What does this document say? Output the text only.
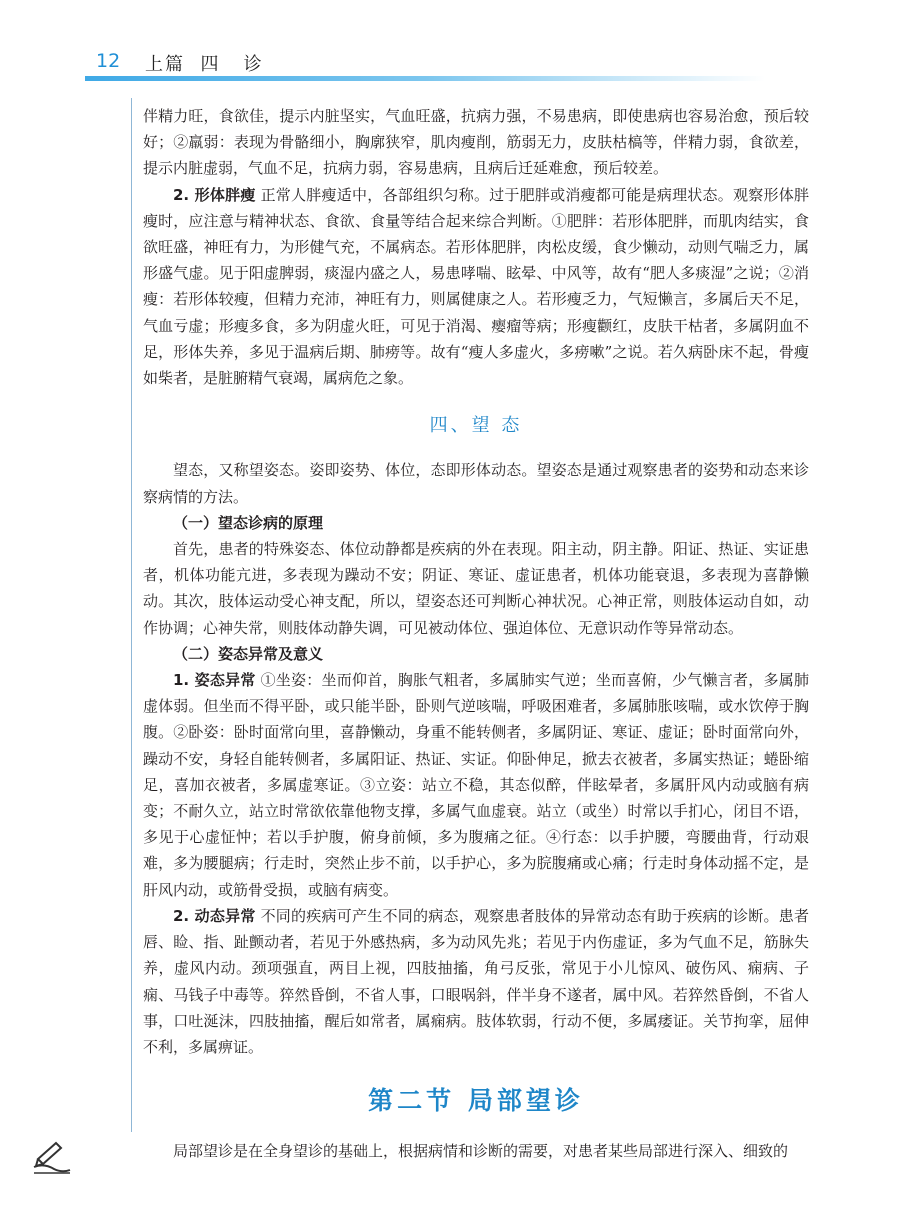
12 上篇  四   诊

伴精力旺，食欲佳，提示内脏坚实，气血旺盛，抗病力强，不易患病，即使患病也容易治愈，预后较好；②羸弱：表现为骨骼细小，胸廓狭窄，肌肉瘦削，筋弱无力，皮肤枯槁等，伴精力弱，食欲差，提示内脏虚弱，气血不足，抗病力弱，容易患病，且病后迁延难愈，预后较差。

2. 形体胖瘦 正常人胖瘦适中，各部组织匀称。过于肥胖或消瘦都可能是病理状态。观察形体胖瘦时，应注意与精神状态、食欲、食量等结合起来综合判断。①肥胖：若形体肥胖，而肌肉结实，食欲旺盛，神旺有力，为形健气充，不属病态。若形体肥胖，肉松皮缓，食少懒动，动则气喘乏力，属形盛气虚。见于阳虚脾弱，痰湿内盛之人，易患哮喘、眩晕、中风等，故有“肥人多痰湿”之说；②消瘦：若形体较瘦，但精力充沛，神旺有力，则属健康之人。若形瘦乏力，气短懒言，多属后天不足，气血亏虚；形瘦多食，多为阴虚火旺，可见于消渴、瘿瘤等病；形瘦颧红，皮肤干枯者，多属阴血不足，形体失养，多见于温病后期、肺痨等。故有“瘦人多虚火，多痨嗽”之说。若久病卧床不起，骨瘦如柴者，是脏腑精气衰竭，属病危之象。

四、望 态

望态，又称望姿态。姿即姿势、体位，态即形体动态。望姿态是通过观察患者的姿势和动态来诊察病情的方法。

（一）望态诊病的原理

首先，患者的特殊姿态、体位动静都是疾病的外在表现。阳主动，阴主静。阳证、热证、实证患者，机体功能亢进，多表现为躁动不安；阴证、寒证、虚证患者，机体功能衰退，多表现为喜静懒动。其次，肢体运动受心神支配，所以，望姿态还可判断心神状况。心神正常，则肢体运动自如，动作协调；心神失常，则肢体动静失调，可见被动体位、强迫体位、无意识动作等异常动态。

（二）姿态异常及意义

1. 姿态异常 ①坐姿：坐而仰首，胸胀气粗者，多属肺实气逆；坐而喜俯，少气懒言者，多属肺虚体弱。但坐而不得平卧，或只能半卧，卧则气逆咳喘，呼吸困难者，多属肺胀咳喘，或水饮停于胸腹。②卧姿：卧时面常向里，喜静懒动，身重不能转侧者，多属阴证、寒证、虚证；卧时面常向外，躁动不安，身轻自能转侧者，多属阳证、热证、实证。仰卧伸足，掀去衣被者，多属实热证；蜷卧缩足，喜加衣被者，多属虚寒证。③立姿：站立不稳，其态似醉，伴眩晕者，多属肝风内动或脑有病变；不耐久立，站立时常欲依靠他物支撑，多属气血虚衰。站立（或坐）时常以手扪心，闭目不语，多见于心虚怔忡；若以手护腹，俯身前倾，多为腹痛之征。④行态：以手护腰，弯腰曲背，行动艰难，多为腰腿病；行走时，突然止步不前，以手护心，多为脘腹痛或心痛；行走时身体动摇不定，是肝风内动，或筋骨受损，或脑有病变。

2. 动态异常 不同的疾病可产生不同的病态，观察患者肢体的异常动态有助于疾病的诊断。患者唇、睑、指、趾颤动者，若见于外感热病，多为动风先兆；若见于内伤虚证，多为气血不足，筋脉失养，虚风内动。颈项强直，两目上视，四肢抽搐，角弓反张，常见于小儿惊风、破伤风、痫病、子痫、马钱子中毒等。猝然昏倒，不省人事，口眼㖞斜，伴半身不遂者，属中风。若猝然昏倒，不省人事，口吐涎沫，四肢抽搐，醒后如常者，属痫病。肢体软弱，行动不便，多属痿证。关节拘挛，屈伸不利，多属痹证。

第二节 局部望诊

局部望诊是在全身望诊的基础上，根据病情和诊断的需要，对患者某些局部进行深入、细致的
